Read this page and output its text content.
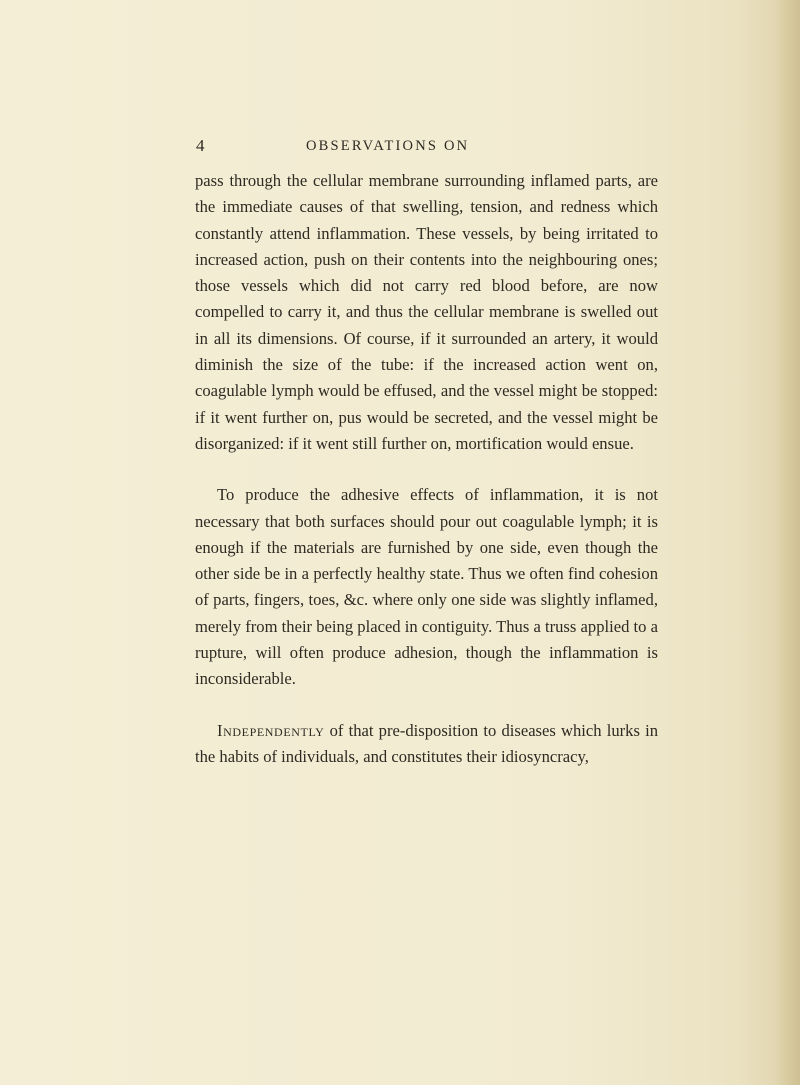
4	OBSERVATIONS ON

pass through the cellular membrane surrounding inflamed parts, are the immediate causes of that swelling, tension, and redness which constantly attend inflammation. These vessels, by being irritated to increased action, push on their contents into the neighbouring ones; those vessels which did not carry red blood before, are now compelled to carry it, and thus the cellular membrane is swelled out in all its dimensions. Of course, if it surrounded an artery, it would diminish the size of the tube: if the increased action went on, coagulable lymph would be effused, and the vessel might be stopped: if it went further on, pus would be secreted, and the vessel might be disorganized: if it went still further on, mortification would ensue.

To produce the adhesive effects of inflammation, it is not necessary that both surfaces should pour out coagulable lymph; it is enough if the materials are furnished by one side, even though the other side be in a perfectly healthy state. Thus we often find cohesion of parts, fingers, toes, &c. where only one side was slightly inflamed, merely from their being placed in contiguity. Thus a truss applied to a rupture, will often produce adhesion, though the inflammation is inconsiderable.

Independently of that pre-disposition to diseases which lurks in the habits of individuals, and constitutes their idiosyncracy,
